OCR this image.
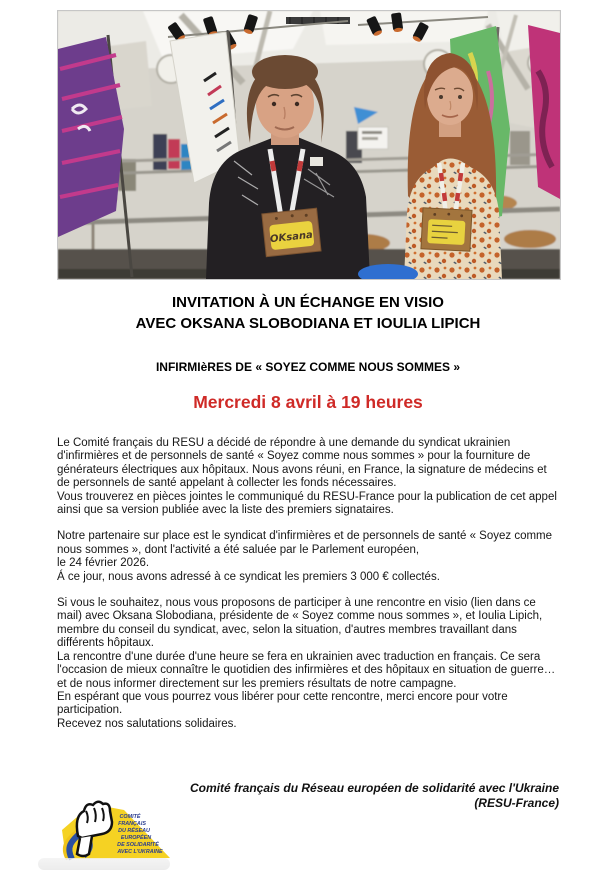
OKsana
INVITATION À UN ÉCHANGE EN VISIO
AVEC OKSANA SLOBODIANA ET IOULIA LIPICH
INFIRMIèRES DE « SOYEZ COMME NOUS SOMMES »
Mercredi 8 avril à 19 heures
Le Comité français du RESU a décidé de répondre à une demande du syndicat ukrainien d'infirmières et de personnels de santé « Soyez comme nous sommes » pour la fourniture de générateurs électriques aux hôpitaux. Nous avons réuni, en France, la signature de médecins et de personnels de santé appelant à collecter les fonds nécessaires.
Vous trouverez en pièces jointes le communiqué du RESU-France pour la publication de cet appel ainsi que sa version publiée avec la liste des premiers signataires.
Notre partenaire sur place est le syndicat d'infirmières et de personnels de santé « Soyez comme nous sommes », dont l'activité a été saluée par le Parlement européen,
le 24 février 2026.
Á ce jour, nous avons adressé à ce syndicat les premiers 3 000 € collectés.
Si vous le souhaitez, nous vous proposons de participer à une rencontre en visio (lien dans ce mail) avec Oksana Slobodiana, présidente de « Soyez comme nous sommes », et Ioulia Lipich, membre du conseil du syndicat, avec, selon la situation, d'autres membres travaillant dans différents hôpitaux.
La rencontre d'une durée d'une heure se fera en ukrainien avec traduction en français. Ce sera l'occasion de mieux connaître le quotidien des infirmières et des hôpitaux en situation de guerre… et de nous informer directement sur les premiers résultats de notre campagne.
En espérant que vous pourrez vous libérer pour cette rencontre, merci encore pour votre participation.
Recevez nos salutations solidaires.
Comité français du Réseau européen de solidarité avec l'Ukraine
(RESU-France)
COMITÉ
FRANÇAIS
DU RÉSEAU
EUROPÉEN
DE SOLIDARITÉ
AVEC L'UKRAINE
